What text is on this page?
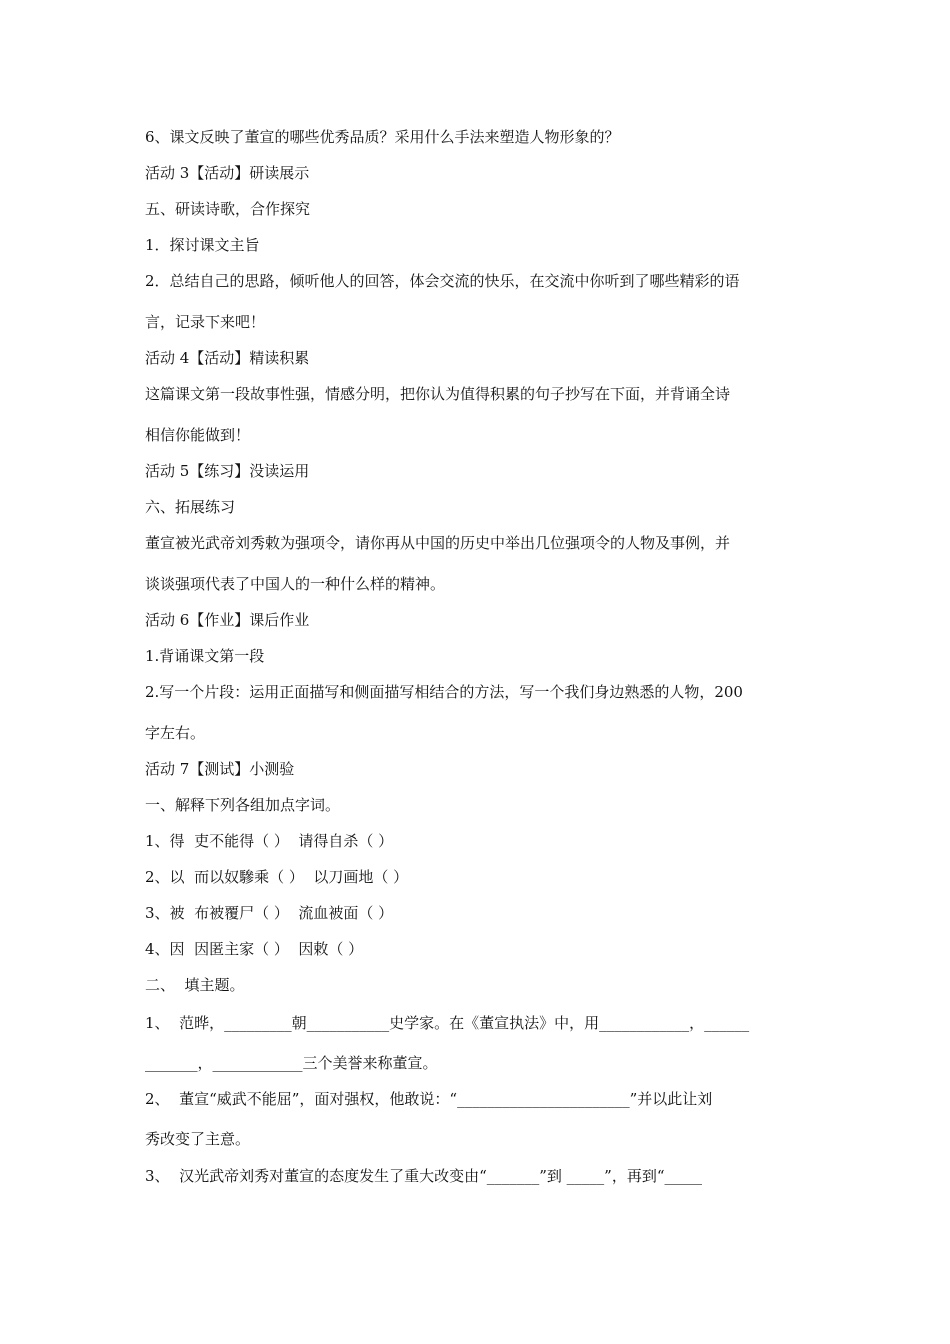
6、课文反映了董宣的哪些优秀品质？采用什么手法来塑造人物形象的？
活动 3【活动】研读展示
五、研读诗歌，合作探究
1．探讨课文主旨
2．总结自己的思路，倾听他人的回答，体会交流的快乐，在交流中你听到了哪些精彩的语
言，记录下来吧！
活动 4【活动】精读积累
这篇课文第一段故事性强，情感分明，把你认为值得积累的句子抄写在下面，并背诵全诗
相信你能做到！
活动 5【练习】没读运用
六、拓展练习
董宣被光武帝刘秀敕为强项令，请你再从中国的历史中举出几位强项令的人物及事例，并
谈谈强项代表了中国人的一种什么样的精神。
活动 6【作业】课后作业
1.背诵课文第一段
2.写一个片段：运用正面描写和侧面描写相结合的方法，写一个我们身边熟悉的人物，200
字左右。
活动 7【测试】小测验
一、解释下列各组加点字词。
1、得  吏不能得（ ）  请得自杀（ ）
2、以  而以奴驂乘（ ）  以刀画地（ ）
3、被  布被覆尸（ ）  流血被面（ ）
4、因  因匿主家（ ）  因敕（ ）
二、  填主题。
1、  范晔，_________朝___________史学家。在《董宣执法》中，用____________，______
_______，____________三个美誉来称董宣。
2、  董宣“威武不能屈”，面对强权，他敢说：“_______________________”并以此让刘
秀改变了主意。
3、  汉光武帝刘秀对董宣的态度发生了重大改变由“_______”到 _____”，再到“_____
